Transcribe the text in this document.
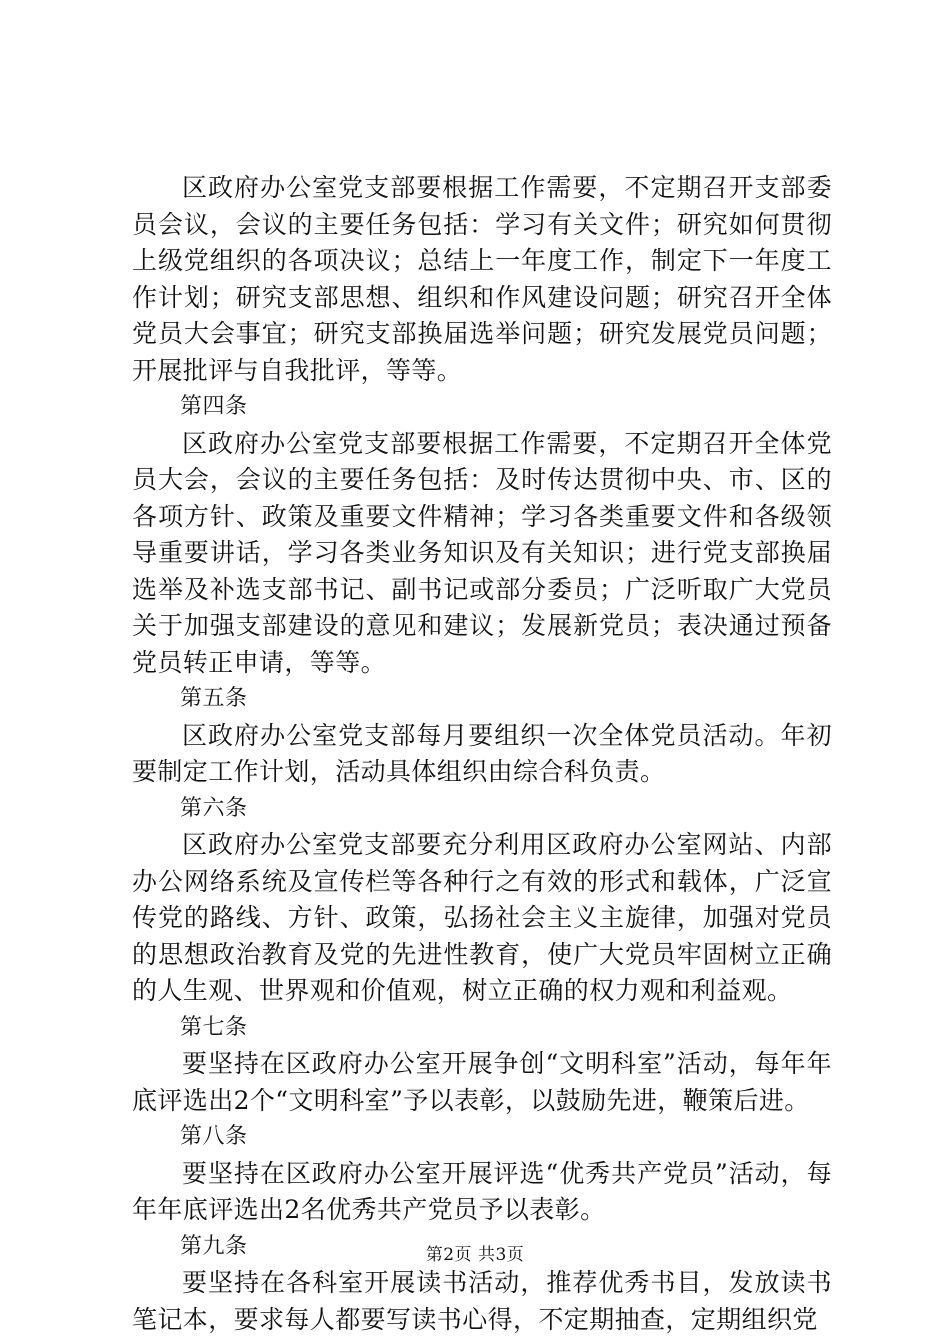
区政府办公室党支部要根据工作需要，不定期召开支部委员会议，会议的主要任务包括：学习有关文件；研究如何贯彻上级党组织的各项决议；总结上一年度工作，制定下一年度工作计划；研究支部思想、组织和作风建设问题；研究召开全体党员大会事宜；研究支部换届选举问题；研究发展党员问题；开展批评与自我批评，等等。

第四条

区政府办公室党支部要根据工作需要，不定期召开全体党员大会，会议的主要任务包括：及时传达贯彻中央、市、区的各项方针、政策及重要文件精神；学习各类重要文件和各级领导重要讲话，学习各类业务知识及有关知识；进行党支部换届选举及补选支部书记、副书记或部分委员；广泛听取广大党员关于加强支部建设的意见和建议；发展新党员；表决通过预备党员转正申请，等等。

第五条

区政府办公室党支部每月要组织一次全体党员活动。年初要制定工作计划，活动具体组织由综合科负责。

第六条

区政府办公室党支部要充分利用区政府办公室网站、内部办公网络系统及宣传栏等各种行之有效的形式和载体，广泛宣传党的路线、方针、政策，弘扬社会主义主旋律，加强对党员的思想政治教育及党的先进性教育，使广大党员牢固树立正确的人生观、世界观和价值观，树立正确的权力观和利益观。

第七条

要坚持在区政府办公室开展争创“文明科室”活动，每年年底评选出2个“文明科室”予以表彰，以鼓励先进，鞭策后进。

第八条

要坚持在区政府办公室开展评选“优秀共产党员”活动，每年年底评选出2名优秀共产党员予以表彰。

第九条

要坚持在各科室开展读书活动，推荐优秀书目，发放读书笔记本，要求每人都要写读书心得，不定期抽查，定期组织党

第2页 共3页
